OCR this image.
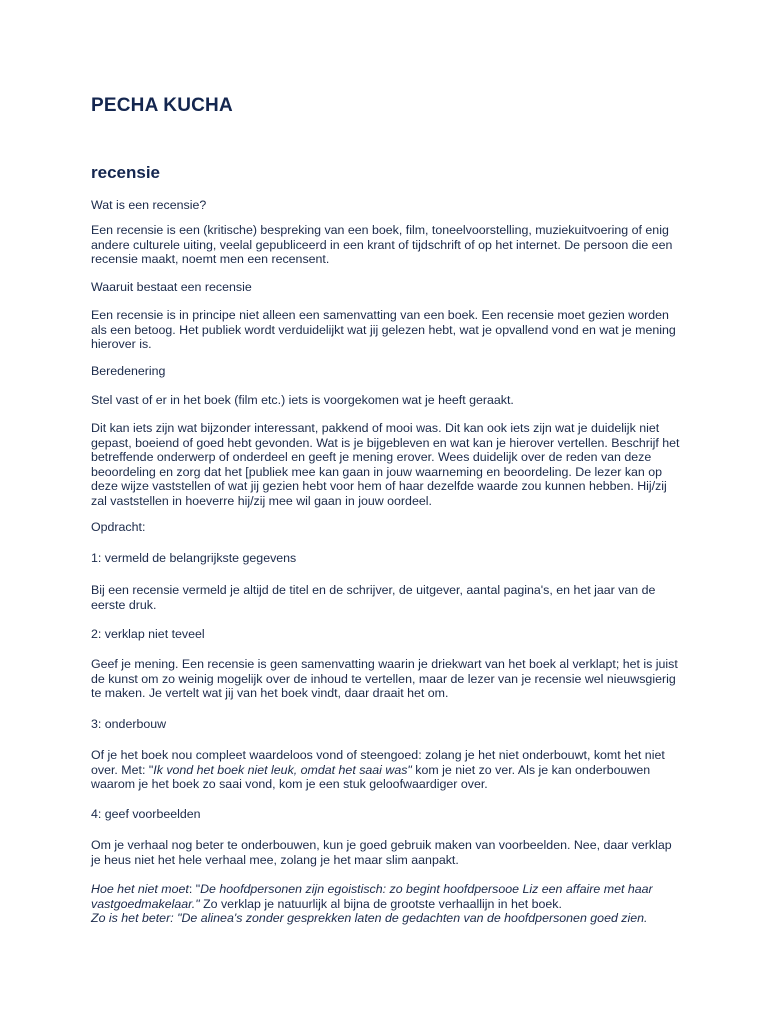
PECHA KUCHA
recensie

Wat is een recensie?

Een recensie is een (kritische) bespreking van een boek, film, toneelvoorstelling, muziekuitvoering of enig andere culturele uiting, veelal gepubliceerd in een krant of tijdschrift of op het internet. De persoon die een recensie maakt, noemt men een recensent.

Waaruit bestaat een recensie

Een recensie is in principe niet alleen een samenvatting van een boek. Een recensie moet gezien worden als een betoog. Het publiek wordt verduidelijkt wat jij gelezen hebt, wat je opvallend vond en wat je mening hierover is.

Beredenering

Stel vast of er in het boek (film etc.) iets is voorgekomen wat je heeft geraakt.

Dit kan iets zijn wat bijzonder interessant, pakkend of mooi was. Dit kan ook iets zijn wat je duidelijk niet gepast, boeiend of goed hebt gevonden. Wat is je bijgebleven en wat kan je hierover vertellen. Beschrijf het betreffende onderwerp of onderdeel en geeft je mening erover. Wees duidelijk over de reden van deze beoordeling en zorg dat het [publiek mee kan gaan in jouw waarneming en beoordeling. De lezer kan op deze wijze vaststellen of wat jij gezien hebt voor hem of haar dezelfde waarde zou kunnen hebben. Hij/zij zal vaststellen in hoeverre hij/zij mee wil gaan in jouw oordeel.

Opdracht:

1: vermeld de belangrijkste gegevens

Bij een recensie vermeld je altijd de titel en de schrijver, de uitgever, aantal pagina's, en het jaar van de eerste druk.

2: verklap niet teveel

Geef je mening. Een recensie is geen samenvatting waarin je driekwart van het boek al verklapt; het is juist de kunst om zo weinig mogelijk over de inhoud te vertellen, maar de lezer van je recensie wel nieuwsgierig te maken. Je vertelt wat jij van het boek vindt, daar draait het om.

3: onderbouw

Of je het boek nou compleet waardeloos vond of steengoed: zolang je het niet onderbouwt, komt het niet over. Met: "Ik vond het boek niet leuk, omdat het saai was" kom je niet zo ver. Als je kan onderbouwen waarom je het boek zo saai vond, kom je een stuk geloofwaardiger over.

4: geef voorbeelden

Om je verhaal nog beter te onderbouwen, kun je goed gebruik maken van voorbeelden. Nee, daar verklap je heus niet het hele verhaal mee, zolang je het maar slim aanpakt.

Hoe het niet moet: "De hoofdpersonen zijn egoistisch: zo begint hoofdpersooe Liz een affaire met haar vastgoedmakelaar." Zo verklap je natuurlijk al bijna de grootste verhaallijn in het boek.
Zo is het beter: "De alinea's zonder gesprekken laten de gedachten van de hoofdpersonen goed zien.
